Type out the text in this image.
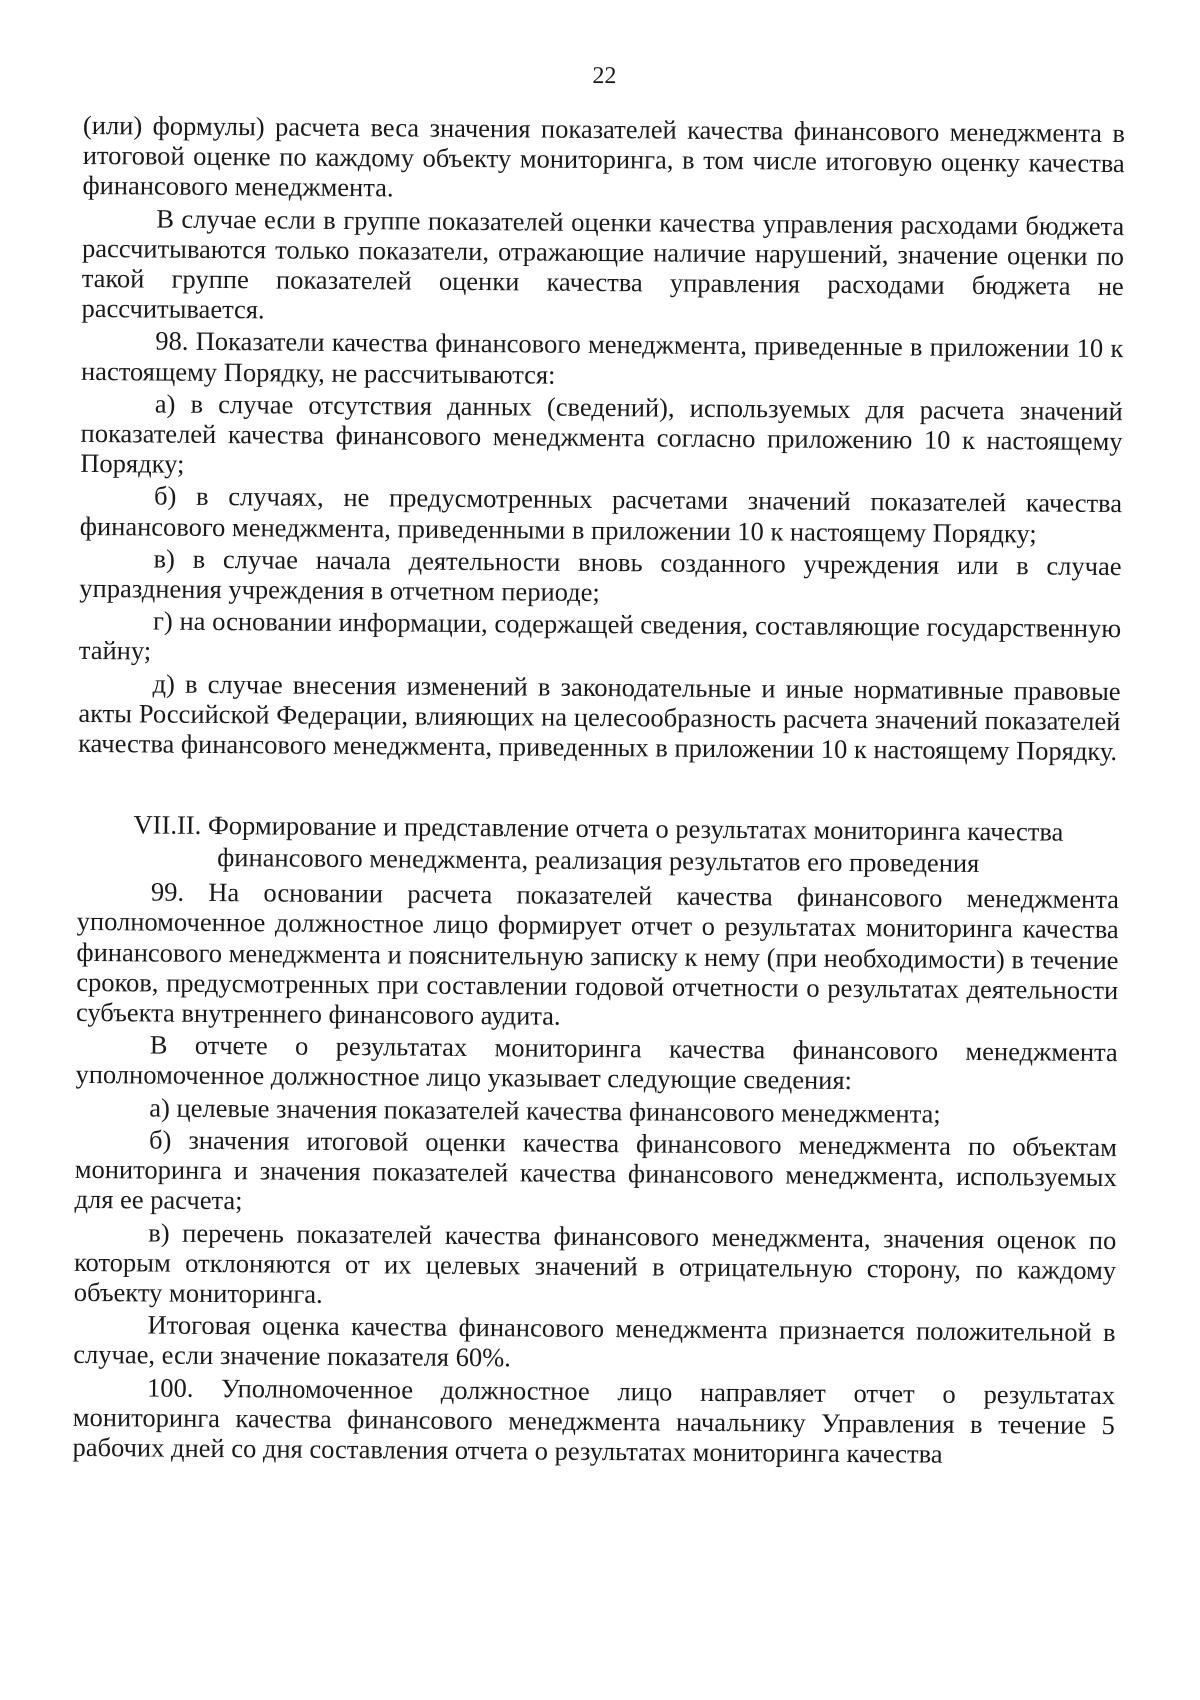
22

(или) формулы) расчета веса значения показателей качества финансового менеджмента в итоговой оценке по каждому объекту мониторинга, в том числе итоговую оценку качества финансового менеджмента.

В случае если в группе показателей оценки качества управления расходами бюджета рассчитываются только показатели, отражающие наличие нарушений, значение оценки по такой группе показателей оценки качества управления расходами бюджета не рассчитывается.

98. Показатели качества финансового менеджмента, приведенные в приложении 10 к настоящему Порядку, не рассчитываются:

а) в случае отсутствия данных (сведений), используемых для расчета значений показателей качества финансового менеджмента согласно приложению 10 к настоящему Порядку;

б) в случаях, не предусмотренных расчетами значений показателей качества финансового менеджмента, приведенными в приложении 10 к настоящему Порядку;

в) в случае начала деятельности вновь созданного учреждения или в случае упразднения учреждения в отчетном периоде;

г) на основании информации, содержащей сведения, составляющие государственную тайну;

д) в случае внесения изменений в законодательные и иные нормативные правовые акты Российской Федерации, влияющих на целесообразность расчета значений показателей качества финансового менеджмента, приведенных в приложении 10 к настоящему Порядку.

VII.II. Формирование и представление отчета о результатах мониторинга качества
финансового менеджмента, реализация результатов его проведения

99. На основании расчета показателей качества финансового менеджмента уполномоченное должностное лицо формирует отчет о результатах мониторинга качества финансового менеджмента и пояснительную записку к нему (при необходимости) в течение сроков, предусмотренных при составлении годовой отчетности о результатах деятельности субъекта внутреннего финансового аудита.

В отчете о результатах мониторинга качества финансового менеджмента уполномоченное должностное лицо указывает следующие сведения:

а) целевые значения показателей качества финансового менеджмента;

б) значения итоговой оценки качества финансового менеджмента по объектам мониторинга и значения показателей качества финансового менеджмента, используемых для ее расчета;

в) перечень показателей качества финансового менеджмента, значения оценок по которым отклоняются от их целевых значений в отрицательную сторону, по каждому объекту мониторинга.

Итоговая оценка качества финансового менеджмента признается положительной в случае, если значение показателя 60%.

100. Уполномоченное должностное лицо направляет отчет о результатах мониторинга качества финансового менеджмента начальнику Управления в течение 5 рабочих дней со дня составления отчета о результатах мониторинга качества
